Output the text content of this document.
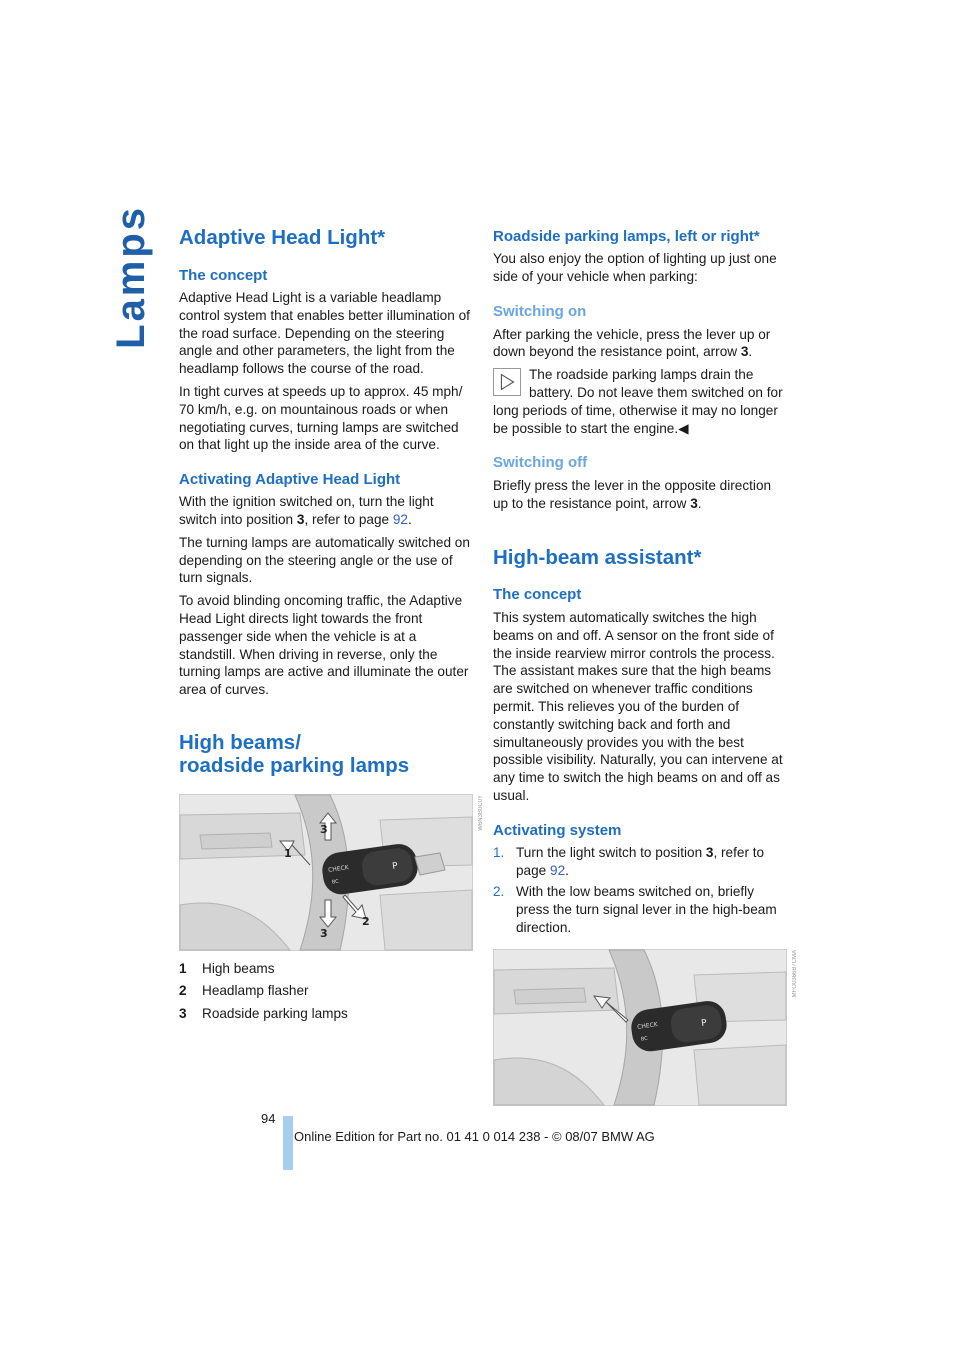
Lamps Adaptive Head Light*
The concept

Adaptive Head Light is a variable headlamp control system that enables better illumination of the road surface. Depending on the steering angle and other parameters, the light from the headlamp follows the course of the road.

In tight curves at speeds up to approx. 45 mph/ 70 km/h, e.g. on mountainous roads or when negotiating curves, turning lamps are switched on that light up the inside area of the curve.

Activating Adaptive Head Light

With the ignition switched on, turn the light switch into position 3, refer to page 92.

The turning lamps are automatically switched on depending on the steering angle or the use of turn signals.

To avoid blinding oncoming traffic, the Adaptive Head Light directs light towards the front passenger side when the vehicle is at a standstill. When driving in reverse, only the turning lamps are active and illuminate the outer area of curves.

High beams/
roadside parking lamps
CHECK
BC
P
1
2
3
3
W6N3B0C0Y
1	High beams
2	Headlamp flasher
3	Roadside parking lamps
Roadside parking lamps, left or right*

You also enjoy the option of lighting up just one side of your vehicle when parking:

Switching on

After parking the vehicle, press the lever up or down beyond the resistance point, arrow 3.

The roadside parking lamps drain the battery. Do not leave them switched on for long periods of time, otherwise it may no longer be possible to start the engine.◀

Switching off

Briefly press the lever in the opposite direction up to the resistance point, arrow 3.

High-beam assistant*
The concept

This system automatically switches the high beams on and off. A sensor on the front side of the inside rearview mirror controls the process. The assistant makes sure that the high beams are switched on whenever traffic conditions permit. This relieves you of the burden of constantly switching back and forth and simultaneously provides you with the best possible visibility. Naturally, you can intervene at any time to switch the high beams on and off as usual.

Activating system
1. Turn the light switch to position 3, refer to page 92.
2. With the low beams switched on, briefly press the turn signal lever in the high-beam direction.
CHECK
BC
P
MFO0366B7CMA
94
Online Edition for Part no. 01 41 0 014 238 - © 08/07 BMW AG
